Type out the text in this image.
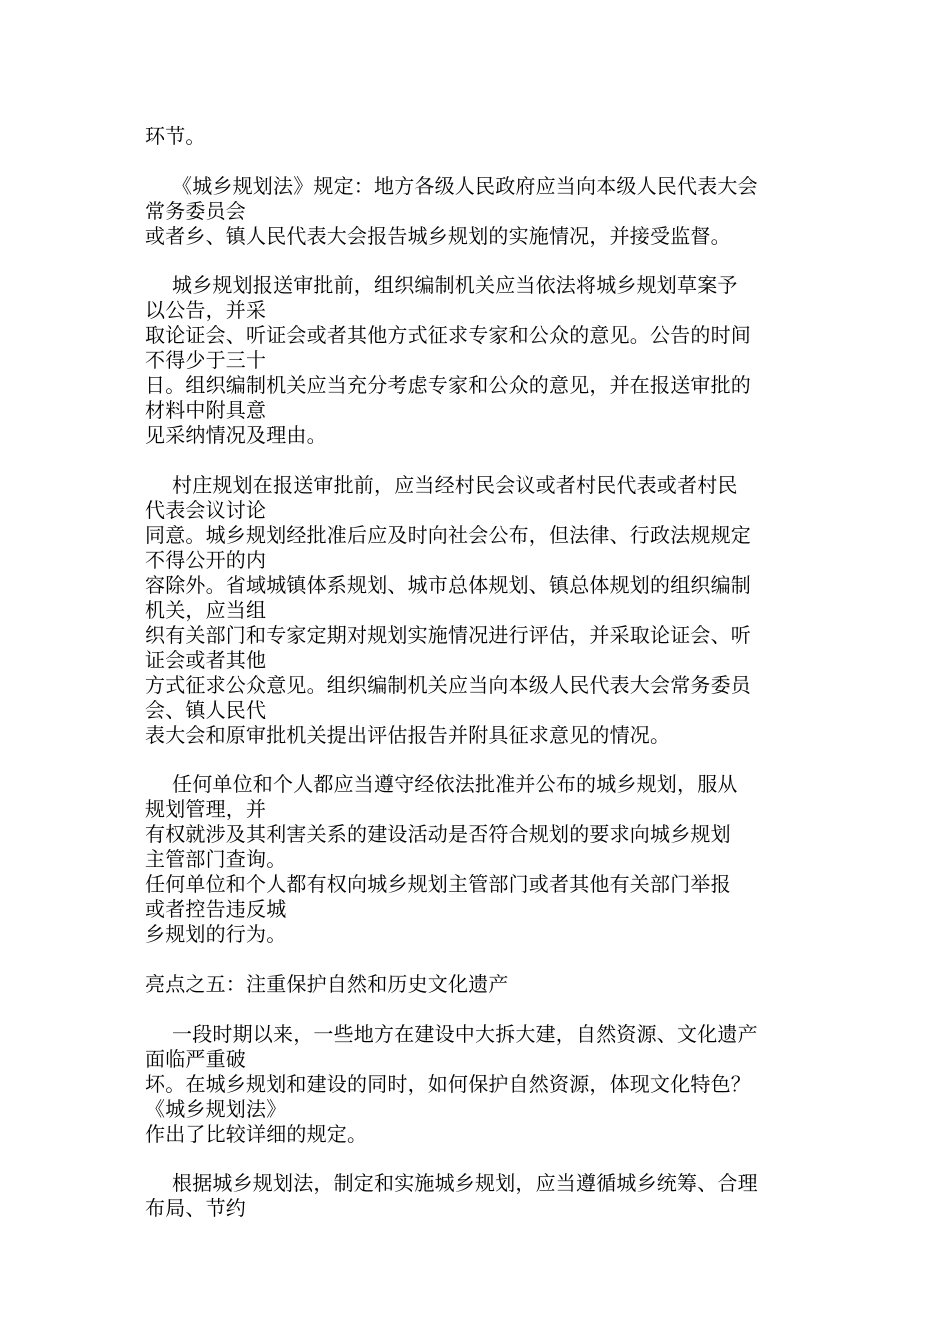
环节。
《城乡规划法》规定：地方各级人民政府应当向本级人民代表大会
常务委员会
或者乡、镇人民代表大会报告城乡规划的实施情况，并接受监督。
城乡规划报送审批前，组织编制机关应当依法将城乡规划草案予
以公告，并采
取论证会、听证会或者其他方式征求专家和公众的意见。公告的时间
不得少于三十
日。组织编制机关应当充分考虑专家和公众的意见，并在报送审批的
材料中附具意
见采纳情况及理由。
村庄规划在报送审批前，应当经村民会议或者村民代表或者村民
代表会议讨论
同意。城乡规划经批准后应及时向社会公布，但法律、行政法规规定
不得公开的内
容除外。省域城镇体系规划、城市总体规划、镇总体规划的组织编制
机关，应当组
织有关部门和专家定期对规划实施情况进行评估，并采取论证会、听
证会或者其他
方式征求公众意见。组织编制机关应当向本级人民代表大会常务委员
会、镇人民代
表大会和原审批机关提出评估报告并附具征求意见的情况。
任何单位和个人都应当遵守经依法批准并公布的城乡规划，服从
规划管理，并
有权就涉及其利害关系的建设活动是否符合规划的要求向城乡规划
主管部门查询。
任何单位和个人都有权向城乡规划主管部门或者其他有关部门举报
或者控告违反城
乡规划的行为。
亮点之五：注重保护自然和历史文化遗产
一段时期以来，一些地方在建设中大拆大建，自然资源、文化遗产
面临严重破
坏。在城乡规划和建设的同时，如何保护自然资源，体现文化特色？
《城乡规划法》
作出了比较详细的规定。
根据城乡规划法，制定和实施城乡规划，应当遵循城乡统筹、合理
布局、节约
